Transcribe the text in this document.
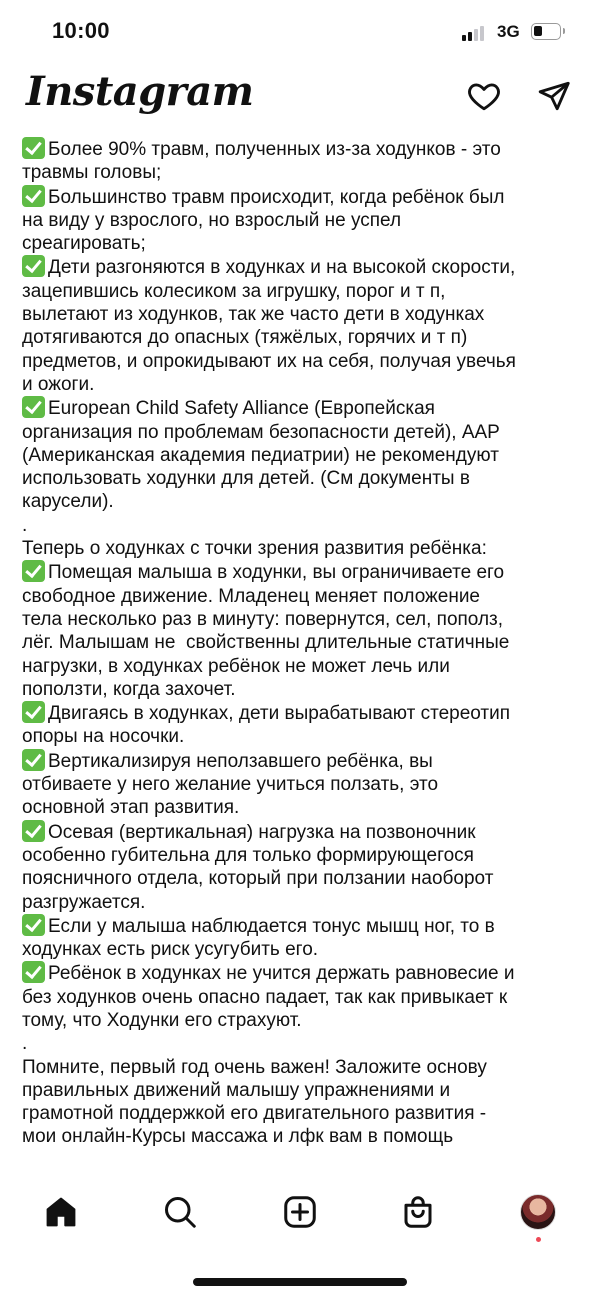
10:00	3G
Instagram
Более 90% травм, полученных из-за ходунков - это
травмы головы;
Большинство травм происходит, когда ребёнок был
на виду у взрослого, но взрослый не успел
среагировать;
Дети разгоняются в ходунках и на высокой скорости,
зацепившись колесиком за игрушку, порог и т п,
вылетают из ходунков, так же часто дети в ходунках
дотягиваются до опасных (тяжёлых, горячих и т п)
предметов, и опрокидывают их на себя, получая увечья
и ожоги.
European Child Safety Alliance (Европейская
организация по проблемам безопасности детей), AAP
(Американская академия педиатрии) не рекомендуют
использовать ходунки для детей. (См документы в
карусели).
.
Теперь о ходунках с точки зрения развития ребёнка:
Помещая малыша в ходунки, вы ограничиваете его
свободное движение. Младенец меняет положение
тела несколько раз в минуту: повернутся, сел, пополз,
лёг. Малышам не  свойственны длительные статичные
нагрузки, в ходунках ребёнок не может лечь или
поползти, когда захочет.
Двигаясь в ходунках, дети вырабатывают стереотип
опоры на носочки.
Вертикализируя неползавшего ребёнка, вы
отбиваете у него желание учиться ползать, это
основной этап развития.
Осевая (вертикальная) нагрузка на позвоночник
особенно губительна для только формирующегося
поясничного отдела, который при ползании наоборот
разгружается.
Если у малыша наблюдается тонус мышц ног, то в
ходунках есть риск усугубить его.
Ребёнок в ходунках не учится держать равновесие и
без ходунков очень опасно падает, так как привыкает к
тому, что Ходунки его страхуют.
.
Помните, первый год очень важен! Заложите основу
правильных движений малышу упражнениями и
грамотной поддержкой его двигательного развития -
мои онлайн-Курсы массажа и лфк вам в помощь
